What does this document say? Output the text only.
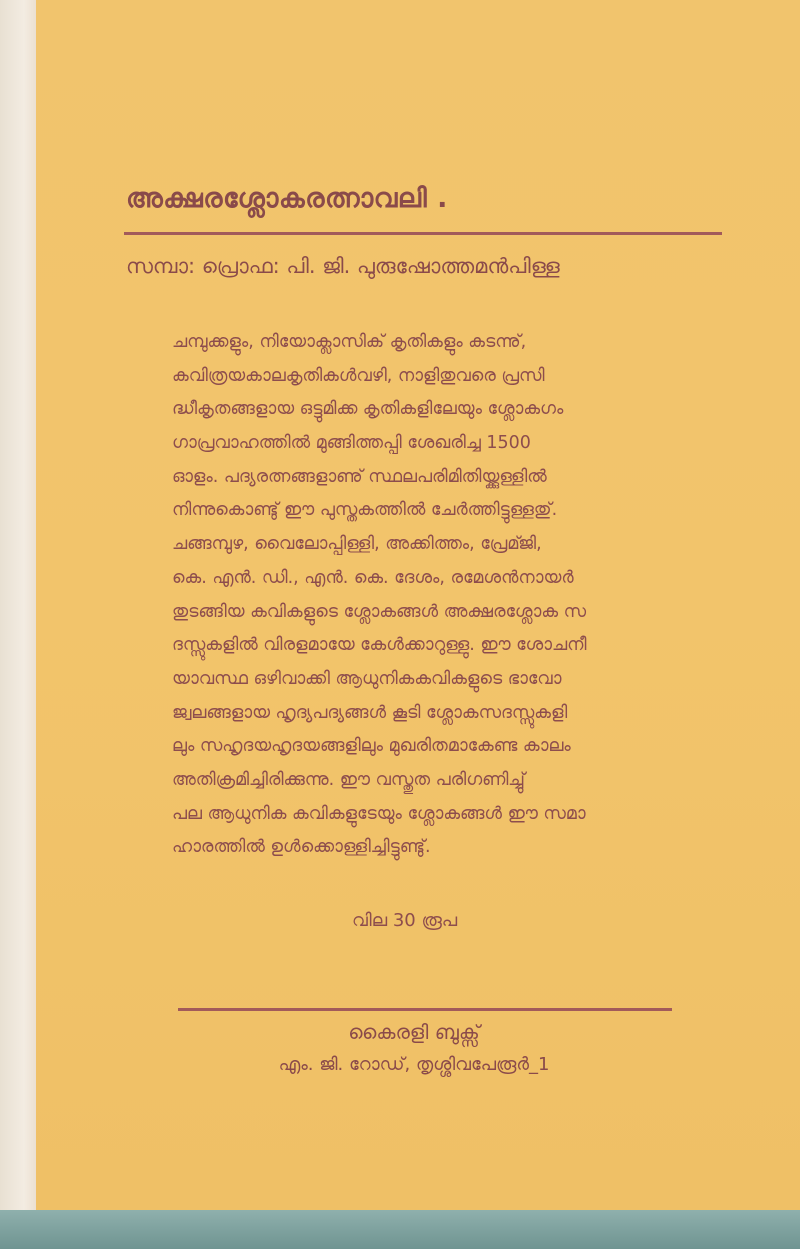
അക്ഷരശ്ലോകരത്നാവലി .
സമ്പാ: പ്രൊഫ: പി. ജി. പുരുഷോത്തമൻപിള്ള
ചമ്പുക്കളും, നിയോക്ലാസിക് കൃതികളും കടന്നു്,
കവിത്രയകാലകൃതികൾവഴി, നാളിതുവരെ പ്രസി
ദ്ധീകൃതങ്ങളായ ഒട്ടുമിക്ക കൃതികളിലേയും ശ്ലോകഗം
ഗാപ്രവാഹത്തിൽ മുങ്ങിത്തപ്പി ശേഖരിച്ച 1500
ഓളം. പദ്യരത്നങ്ങളാണു് സ്ഥലപരിമിതിയ്ക്കുള്ളിൽ
നിന്നുകൊണ്ടു് ഈ പുസ്തകത്തിൽ ചേർത്തിട്ടുള്ളതു്.
ചങ്ങമ്പുഴ, വൈലോപ്പിള്ളി, അക്കിത്തം, പ്രേമ്ജി,
കെ. എൻ. ഡി., എൻ. കെ. ദേശം, രമേശൻനായർ
തുടങ്ങിയ കവികളുടെ ശ്ലോകങ്ങൾ അക്ഷരശ്ലോക സ
ദസ്സുകളിൽ വിരളമായേ കേൾക്കാറുള്ളു. ഈ ശോചനീ
യാവസ്ഥ ഒഴിവാക്കി ആധുനികകവികളുടെ ഭാവോ
ജ്വലങ്ങളായ ഹൃദ്യപദ്യങ്ങൾ കൂടി ശ്ലോകസദസ്സുകളി
ലും സഹൃദയഹൃദയങ്ങളിലും മുഖരിതമാകേണ്ട കാലം
അതിക്രമിച്ചിരിക്കുന്നു. ഈ വസ്തുത പരിഗണിച്ചു്
പല ആധുനിക കവികളുടേയും ശ്ലോകങ്ങൾ ഈ സമാ
ഹാരത്തിൽ ഉൾക്കൊള്ളിച്ചിട്ടുണ്ടു്.
വില 30 രൂപ
കൈരളി ബുക്സ്
എം. ജി. റോഡ്, തൃശ്ശിവപേരൂർ_1
